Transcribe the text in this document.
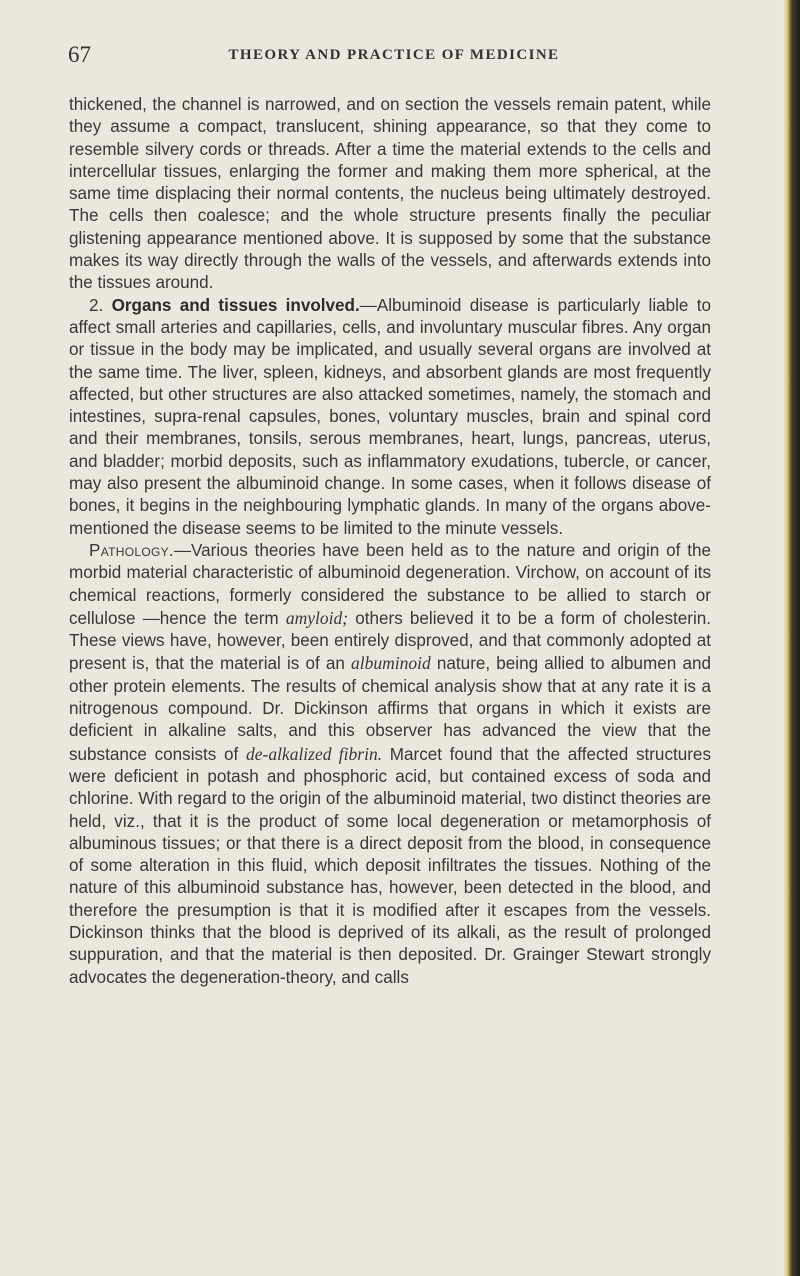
67	THEORY AND PRACTICE OF MEDICINE

thickened, the channel is narrowed, and on section the vessels remain patent, while they assume a compact, translucent, shining appearance, so that they come to resemble silvery cords or threads. After a time the material extends to the cells and intercellular tissues, enlarging the former and making them more spherical, at the same time displacing their normal contents, the nucleus being ultimately destroyed. The cells then coalesce; and the whole structure presents finally the peculiar glistening appearance mentioned above. It is supposed by some that the substance makes its way directly through the walls of the vessels, and afterwards extends into the tissues around.

2. Organs and tissues involved.—Albuminoid disease is particularly liable to affect small arteries and capillaries, cells, and involuntary muscular fibres. Any organ or tissue in the body may be implicated, and usually several organs are involved at the same time. The liver, spleen, kidneys, and absorbent glands are most frequently affected, but other structures are also attacked sometimes, namely, the stomach and intestines, supra-renal capsules, bones, voluntary muscles, brain and spinal cord and their membranes, tonsils, serous membranes, heart, lungs, pancreas, uterus, and bladder; morbid deposits, such as inflammatory exudations, tubercle, or cancer, may also present the albuminoid change. In some cases, when it follows disease of bones, it begins in the neighbouring lymphatic glands. In many of the organs above-mentioned the disease seems to be limited to the minute vessels.

Pathology.—Various theories have been held as to the nature and origin of the morbid material characteristic of albuminoid degeneration. Virchow, on account of its chemical reactions, formerly considered the substance to be allied to starch or cellulose —hence the term amyloid; others believed it to be a form of cholesterin. These views have, however, been entirely disproved, and that commonly adopted at present is, that the material is of an albuminoid nature, being allied to albumen and other protein elements. The results of chemical analysis show that at any rate it is a nitrogenous compound. Dr. Dickinson affirms that organs in which it exists are deficient in alkaline salts, and this observer has advanced the view that the substance consists of de-alkalized fibrin. Marcet found that the affected structures were deficient in potash and phosphoric acid, but contained excess of soda and chlorine. With regard to the origin of the albuminoid material, two distinct theories are held, viz., that it is the product of some local degeneration or metamorphosis of albuminous tissues; or that there is a direct deposit from the blood, in consequence of some alteration in this fluid, which deposit infiltrates the tissues. Nothing of the nature of this albuminoid substance has, however, been detected in the blood, and therefore the presumption is that it is modified after it escapes from the vessels. Dickinson thinks that the blood is deprived of its alkali, as the result of prolonged suppuration, and that the material is then deposited. Dr. Grainger Stewart strongly advocates the degeneration-theory, and calls
